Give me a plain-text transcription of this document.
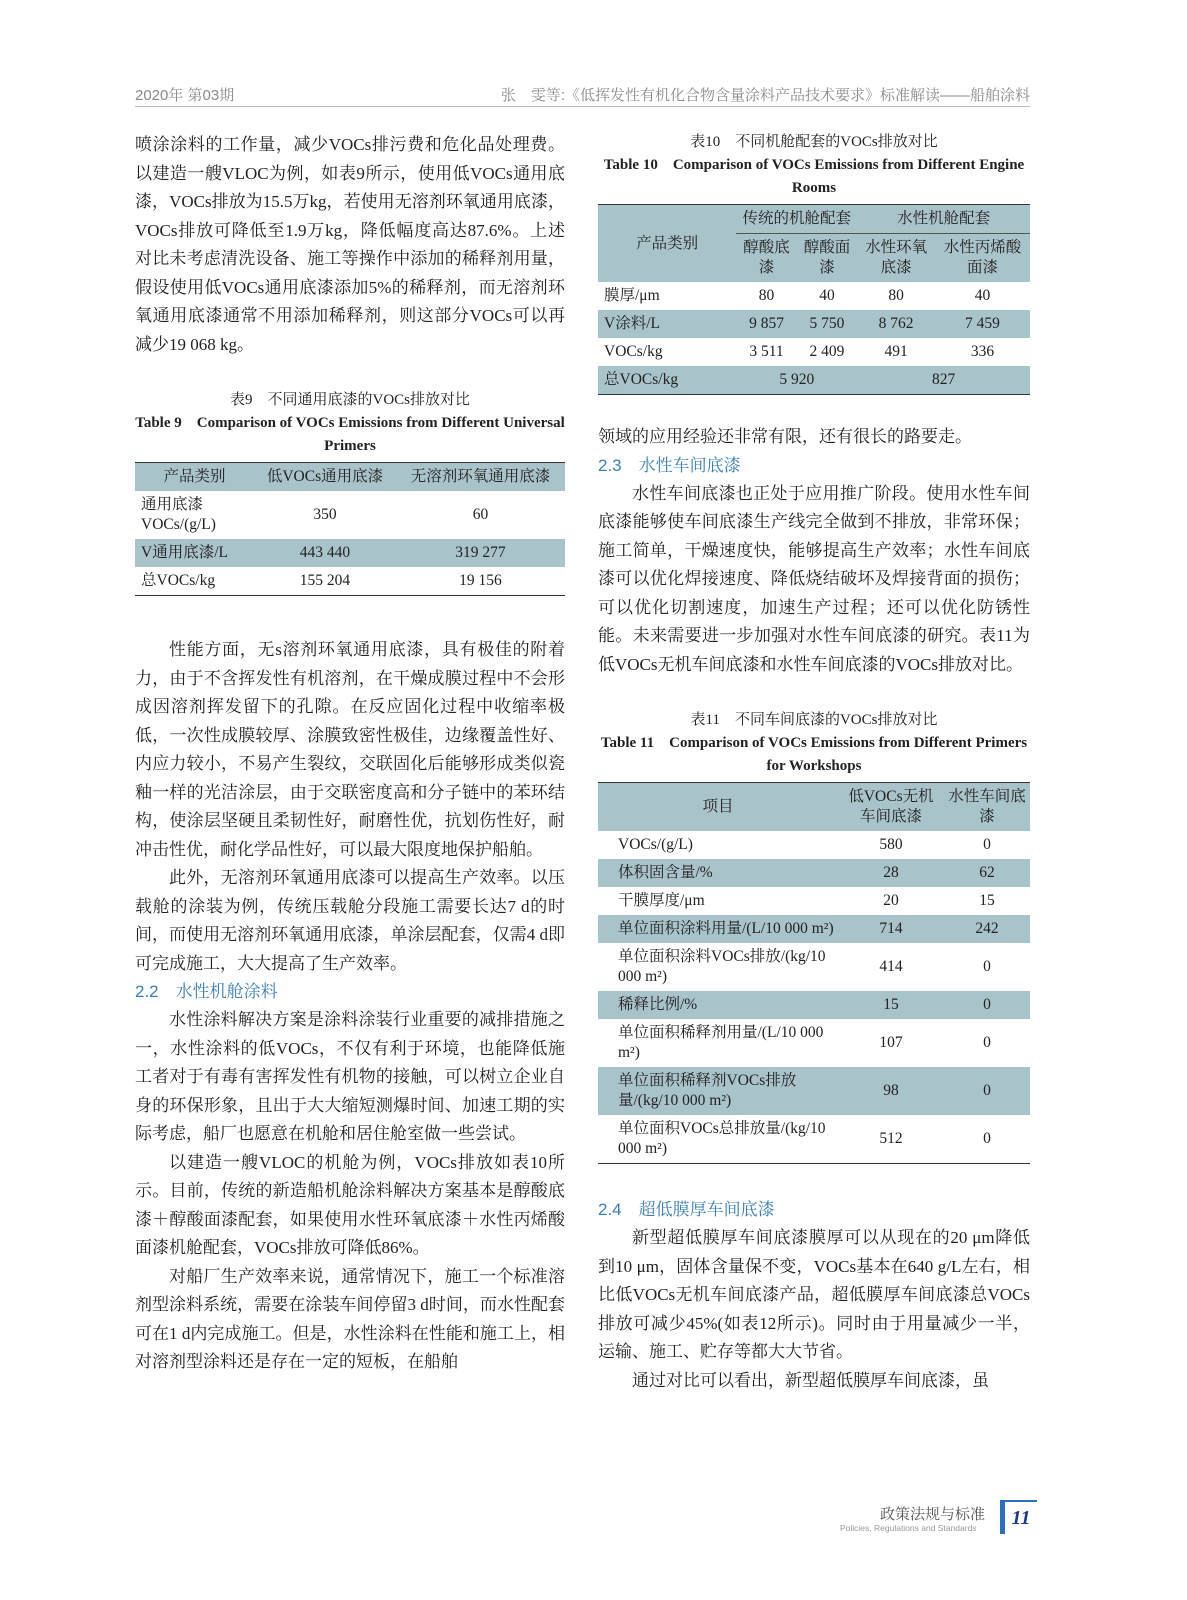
2020年 第03期	张　雯等:《低挥发性有机化合物含量涂料产品技术要求》标准解读——船舶涂料

喷涂涂料的工作量，减少VOCs排污费和危化品处理费。以建造一艘VLOC为例，如表9所示，使用低VOCs通用底漆，VOCs排放为15.5万kg，若使用无溶剂环氧通用底漆，VOCs排放可降低至1.9万kg，降低幅度高达87.6%。上述对比未考虑清洗设备、施工等操作中添加的稀释剂用量，假设使用低VOCs通用底漆添加5%的稀释剂，而无溶剂环氧通用底漆通常不用添加稀释剂，则这部分VOCs可以再减少19 068 kg。

表9　不同通用底漆的VOCs排放对比
Table 9　Comparison of VOCs Emissions from Different Universal Primers
产品类别	低VOCs通用底漆	无溶剂环氧通用底漆
通用底漆 VOCs/(g/L)	350	60
V通用底漆/L	443 440	319 277
总VOCs/kg	155 204	19 156

性能方面，无s溶剂环氧通用底漆，具有极佳的附着力，由于不含挥发性有机溶剂，在干燥成膜过程中不会形成因溶剂挥发留下的孔隙。在反应固化过程中收缩率极低，一次性成膜较厚、涂膜致密性极佳，边缘覆盖性好、内应力较小，不易产生裂纹，交联固化后能够形成类似瓷釉一样的光洁涂层，由于交联密度高和分子链中的苯环结构，使涂层坚硬且柔韧性好，耐磨性优，抗划伤性好，耐冲击性优，耐化学品性好，可以最大限度地保护船舶。

此外，无溶剂环氧通用底漆可以提高生产效率。以压载舱的涂装为例，传统压载舱分段施工需要长达7 d的时间，而使用无溶剂环氧通用底漆，单涂层配套，仅需4 d即可完成施工，大大提高了生产效率。

2.2　水性机舱涂料

水性涂料解决方案是涂料涂装行业重要的减排措施之一，水性涂料的低VOCs，不仅有利于环境，也能降低施工者对于有毒有害挥发性有机物的接触，可以树立企业自身的环保形象，且出于大大缩短测爆时间、加速工期的实际考虑，船厂也愿意在机舱和居住舱室做一些尝试。

以建造一艘VLOC的机舱为例，VOCs排放如表10所示。目前，传统的新造船机舱涂料解决方案基本是醇酸底漆＋醇酸面漆配套，如果使用水性环氧底漆＋水性丙烯酸面漆机舱配套，VOCs排放可降低86%。

对船厂生产效率来说，通常情况下，施工一个标准溶剂型涂料系统，需要在涂装车间停留3 d时间，而水性配套可在1 d内完成施工。但是，水性涂料在性能和施工上，相对溶剂型涂料还是存在一定的短板，在船舶

表10　不同机舱配套的VOCs排放对比
Table 10　Comparison of VOCs Emissions from Different Engine Rooms
产品类别	传统的机舱配套		水性机舱配套	
	醇酸底漆	醇酸面漆	水性环氧底漆	水性丙烯酸面漆
膜厚/μm	80	40	80	40
V涂料/L	9 857	5 750	8 762	7 459
VOCs/kg	3 511	2 409	491	336
总VOCs/kg	5 920		827	

领域的应用经验还非常有限，还有很长的路要走。

2.3　水性车间底漆

水性车间底漆也正处于应用推广阶段。使用水性车间底漆能够使车间底漆生产线完全做到不排放，非常环保；施工简单，干燥速度快，能够提高生产效率；水性车间底漆可以优化焊接速度、降低烧结破坏及焊接背面的损伤；可以优化切割速度，加速生产过程；还可以优化防锈性能。未来需要进一步加强对水性车间底漆的研究。表11为低VOCs无机车间底漆和水性车间底漆的VOCs排放对比。

表11　不同车间底漆的VOCs排放对比
Table 11　Comparison of VOCs Emissions from Different Primers for Workshops
项目	低VOCs无机车间底漆	水性车间底漆
VOCs/(g/L)	580	0
体积固含量/%	28	62
干膜厚度/μm	20	15
单位面积涂料用量/(L/10 000 m²)	714	242
单位面积涂料VOCs排放/(kg/10 000 m²)	414	0
稀释比例/%	15	0
单位面积稀释剂用量/(L/10 000 m²)	107	0
单位面积稀释剂VOCs排放量/(kg/10 000 m²)	98	0
单位面积VOCs总排放量/(kg/10 000 m²)	512	0
2.4　超低膜厚车间底漆

新型超低膜厚车间底漆膜厚可以从现在的20 μm降低到10 μm，固体含量保不变，VOCs基本在640 g/L左右，相比低VOCs无机车间底漆产品，超低膜厚车间底漆总VOCs排放可减少45%(如表12所示)。同时由于用量减少一半，运输、施工、贮存等都大大节省。

通过对比可以看出，新型超低膜厚车间底漆，虽

政策法规与标准
Policies, Regulations and Standards	11
